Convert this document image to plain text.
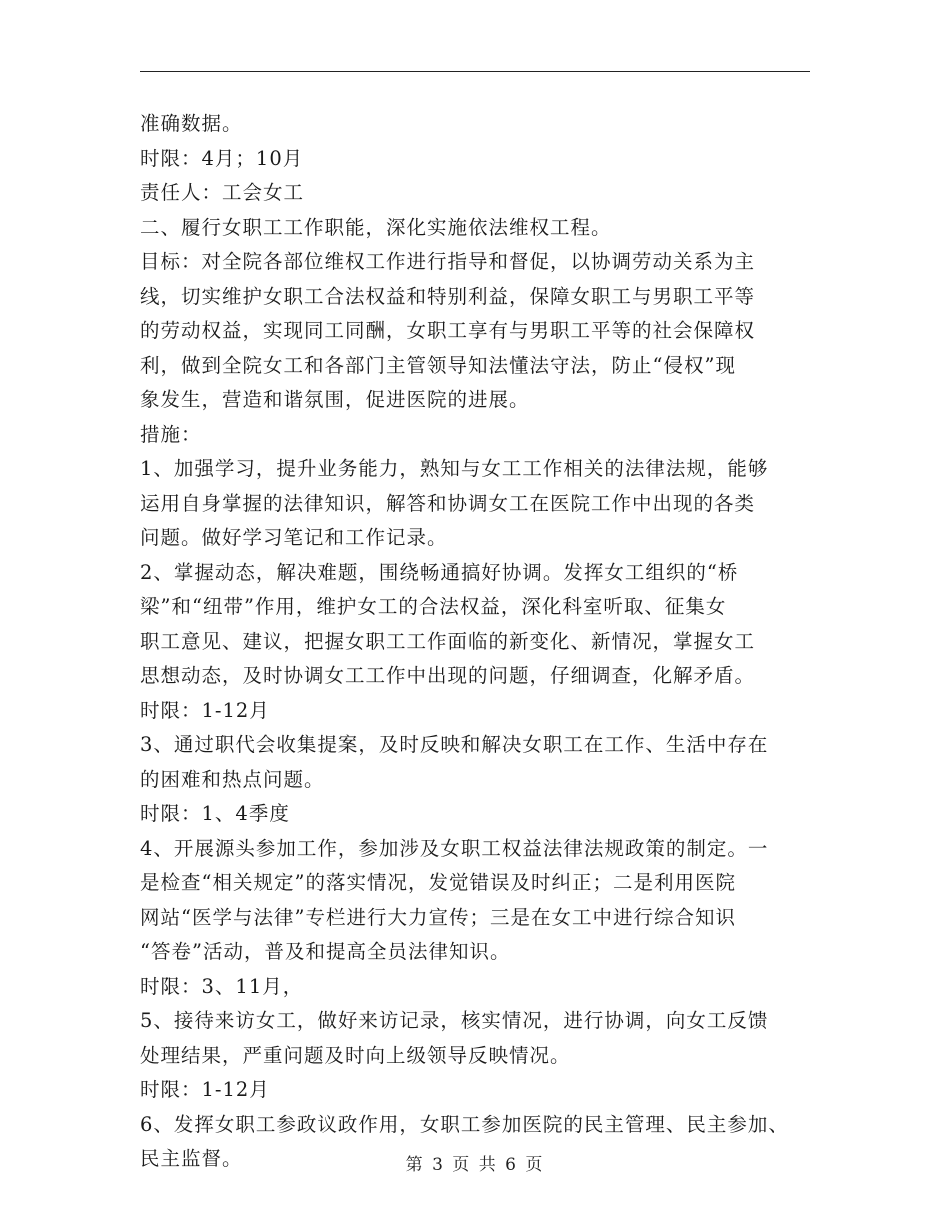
准确数据。
时限：4月；10月
责任人：工会女工
二、履行女职工工作职能，深化实施依法维权工程。
目标：对全院各部位维权工作进行指导和督促，以协调劳动关系为主
线，切实维护女职工合法权益和特别利益，保障女职工与男职工平等
的劳动权益，实现同工同酬，女职工享有与男职工平等的社会保障权
利，做到全院女工和各部门主管领导知法懂法守法，防止“侵权”现
象发生，营造和谐氛围，促进医院的进展。
措施：
1、加强学习，提升业务能力，熟知与女工工作相关的法律法规，能够
运用自身掌握的法律知识，解答和协调女工在医院工作中出现的各类
问题。做好学习笔记和工作记录。
2、掌握动态，解决难题，围绕畅通搞好协调。发挥女工组织的“桥
梁”和“纽带”作用，维护女工的合法权益，深化科室听取、征集女
职工意见、建议，把握女职工工作面临的新变化、新情况，掌握女工
思想动态，及时协调女工工作中出现的问题，仔细调查，化解矛盾。
时限：1-12月
3、通过职代会收集提案，及时反映和解决女职工在工作、生活中存在
的困难和热点问题。
时限：1、4季度
4、开展源头参加工作，参加涉及女职工权益法律法规政策的制定。一
是检查“相关规定”的落实情况，发觉错误及时纠正；二是利用医院
网站“医学与法律”专栏进行大力宣传；三是在女工中进行综合知识
“答卷”活动，普及和提高全员法律知识。
时限：3、11月，
5、接待来访女工，做好来访记录，核实情况，进行协调，向女工反馈
处理结果，严重问题及时向上级领导反映情况。
时限：1-12月
6、发挥女职工参政议政作用，女职工参加医院的民主管理、民主参加、
民主监督。	第 3 页 共 6 页
